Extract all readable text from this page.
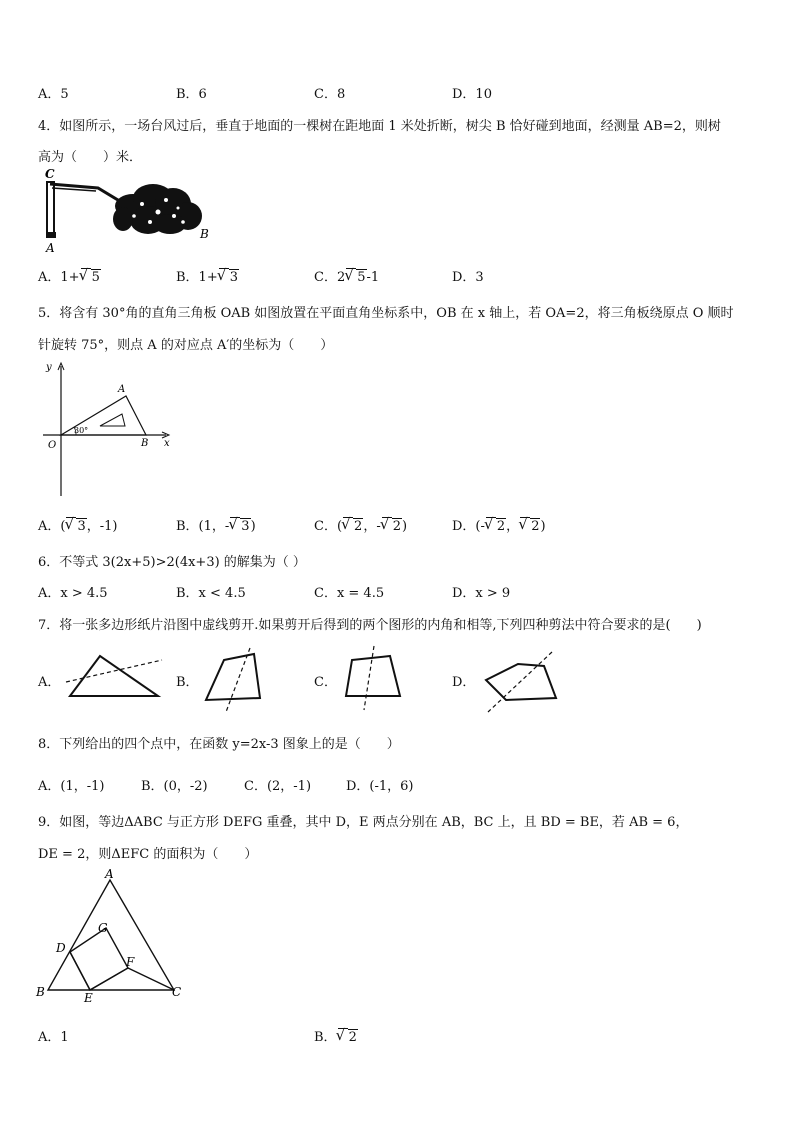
A．5	B．6	C．8	D．10
4．如图所示，一场台风过后，垂直于地面的一棵树在距地面 1 米处折断，树尖 B 恰好碰到地面，经测量 AB=2，则树
高为（　　）米．
C
A
B
A．1+ √ 5	B．1+ √ 3	C．2 √ 5-1	D．3
5．将含有 30°角的直角三角板 OAB 如图放置在平面直角坐标系中，OB 在 x 轴上，若 OA=2，将三角板绕原点 O 顺时
针旋转 75°，则点 A 的对应点 A′的坐标为（　　）
y
x
O
A
B
30°
A．( √ 3，-1)	B．(1，- √ 3)	C．( √ 2，- √ 2)	D．(- √ 2， √ 2)
6．不等式 3(2x+5)>2(4x+3) 的解集为（ ）
A．x > 4.5	B．x < 4.5	C．x = 4.5	D．x > 9
7．将一张多边形纸片沿图中虚线剪开.如果剪开后得到的两个图形的内角和相等,下列四种剪法中符合要求的是(　　)
A．	B．	C．	D．
8．下列给出的四个点中，在函数 y=2x-3 图象上的是（　　）
A．(1，-1)	B．(0，-2)	C．(2，-1)	D．(-1，6)
9．如图，等边ΔABC 与正方形 DEFG 重叠，其中 D，E 两点分别在 AB，BC 上，且 BD = BE，若 AB = 6，
DE = 2，则ΔEFC 的面积为（　　）
A
B	C
D
E
F
G
A．1	B． √ 2
